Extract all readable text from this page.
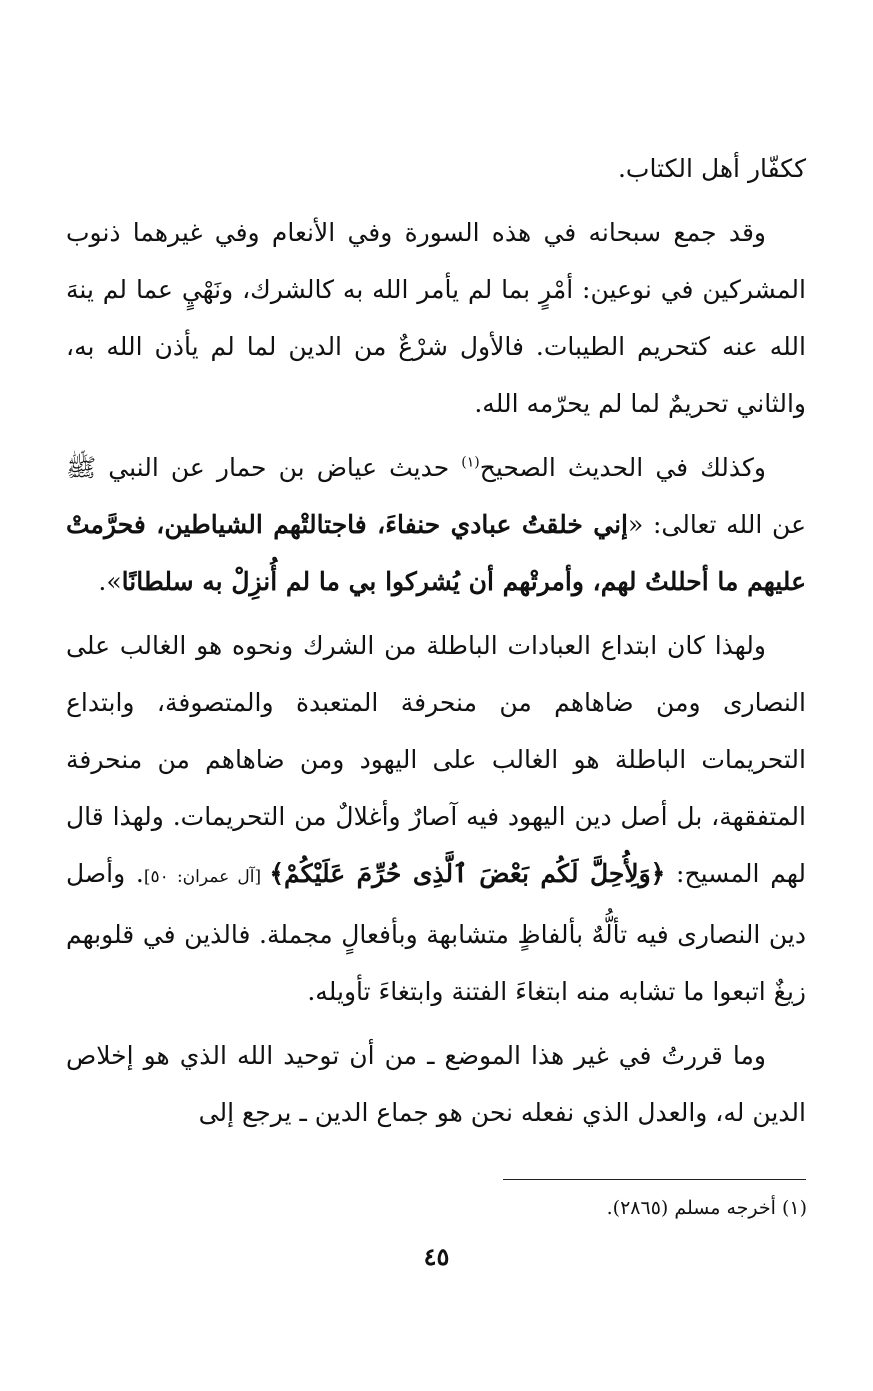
ككفّار أهل الكتاب.

وقد جمع سبحانه في هذه السورة وفي الأنعام وفي غيرهما ذنوب المشركين في نوعين: أمْرٍ بما لم يأمر الله به كالشرك، ونَهْيٍ عما لم ينهَ الله عنه كتحريم الطيبات. فالأول شرْعٌ من الدين لما لم يأذن الله به، والثاني تحريمٌ لما لم يحرّمه الله.

وكذلك في الحديث الصحيح$^{(١)}$ حديث عياض بن حمار عن النبي ﷺ عن الله تعالى: «إني خلقتُ عبادي حنفاءَ، فاجتالتْهم الشياطين، فحرَّمتْ عليهم ما أحللتُ لهم، وأمرتْهم أن يُشركوا بي ما لم أُنزِلْ به سلطانًا».

ولهذا كان ابتداع العبادات الباطلة من الشرك ونحوه هو الغالب على النصارى ومن ضاهاهم من منحرفة المتعبدة والمتصوفة، وابتداع التحريمات الباطلة هو الغالب على اليهود ومن ضاهاهم من منحرفة المتفقهة، بل أصل دين اليهود فيه آصارٌ وأغلالٌ من التحريمات. ولهذا قال لهم المسيح: ﴿وَلِأُحِلَّ لَكُم بَعْضَ ٱلَّذِى حُرِّمَ عَلَيْكُمْ﴾ [آل عمران: ٥٠]. وأصل دين النصارى فيه تألُّهٌ بألفاظٍ متشابهة وبأفعالٍ مجملة. فالذين في قلوبهم زيغٌ اتبعوا ما تشابه منه ابتغاءَ الفتنة وابتغاءَ تأويله.

وما قررتُ في غير هذا الموضع ـ من أن توحيد الله الذي هو إخلاص الدين له، والعدل الذي نفعله نحن هو جماع الدين ـ يرجع إلى

(١) أخرجه مسلم (٢٨٦٥).
٤٥
